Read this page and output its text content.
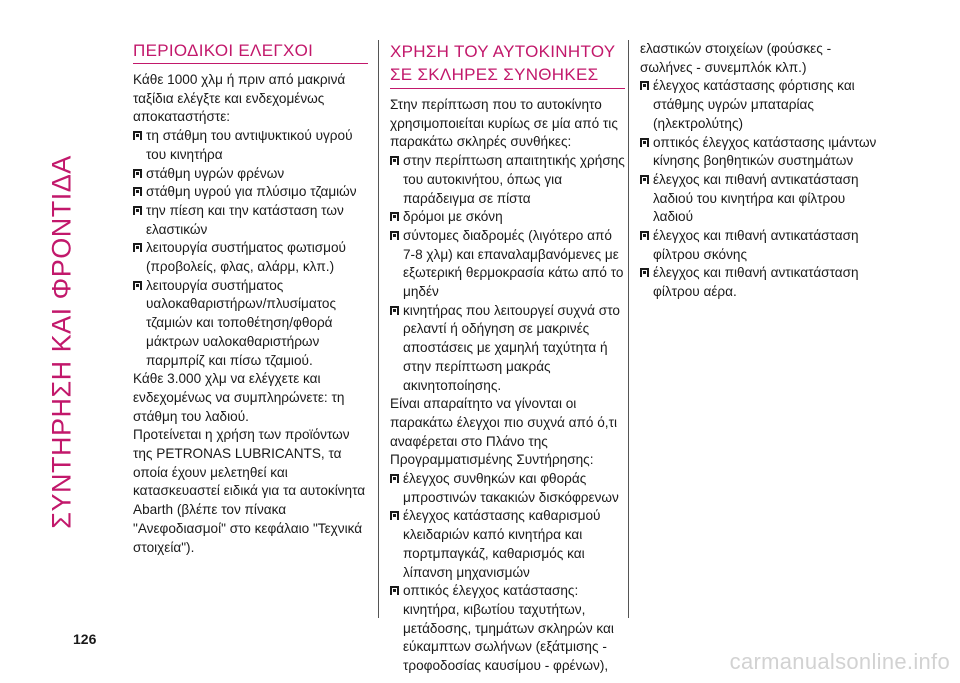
ΣΥΝΤΗΡΗΣΗ ΚΑΙ ΦΡΟΝΤΙΔΑ
ΠΕΡΙΟΔΙΚΟΙ ΕΛΕΓΧΟΙ

Κάθε 1000 χλμ ή πριν από μακρινά ταξίδια ελέγξτε και ενδεχομένως αποκαταστήστε:

τη στάθμη του αντιψυκτικού υγρού του κινητήρα

στάθμη υγρών φρένων

στάθμη υγρού για πλύσιμο τζαμιών

την πίεση και την κατάσταση των ελαστικών

λειτουργία συστήματος φωτισμού (προβολείς, φλας, αλάρμ, κλπ.)

λειτουργία συστήματος υαλοκαθαριστήρων/πλυσίματος τζαμιών και τοποθέτηση/φθορά μάκτρων υαλοκαθαριστήρων παρμπρίζ και πίσω τζαμιού.

Κάθε 3.000 χλμ να ελέγχετε και ενδεχομένως να συμπληρώνετε: τη στάθμη του λαδιού.

Προτείνεται η χρήση των προϊόντων της PETRONAS LUBRICANTS, τα οποία έχουν μελετηθεί και κατασκευαστεί ειδικά για τα αυτοκίνητα Abarth (βλέπε τον πίνακα "Ανεφοδιασμοί" στο κεφάλαιο "Τεχνικά στοιχεία").

ΧΡΗΣΗ ΤΟΥ ΑΥΤΟΚΙΝΗΤΟΥ
ΣΕ ΣΚΛΗΡΕΣ ΣΥΝΘΗΚΕΣ

Στην περίπτωση που το αυτοκίνητο χρησιμοποιείται κυρίως σε μία από τις παρακάτω σκληρές συνθήκες:

στην περίπτωση απαιτητικής χρήσης του αυτοκινήτου, όπως για παράδειγμα σε πίστα

δρόμοι με σκόνη

σύντομες διαδρομές (λιγότερο από 7-8 χλμ) και επαναλαμβανόμενες με εξωτερική θερμοκρασία κάτω από το μηδέν

κινητήρας που λειτουργεί συχνά στο ρελαντί ή οδήγηση σε μακρινές αποστάσεις με χαμηλή ταχύτητα ή στην περίπτωση μακράς ακινητοποίησης.

Είναι απαραίτητο να γίνονται οι παρακάτω έλεγχοι πιο συχνά από ό,τι αναφέρεται στο Πλάνο της Προγραμματισμένης Συντήρησης:

έλεγχος συνθηκών και φθοράς μπροστινών τακακιών δισκόφρενων

έλεγχος κατάστασης καθαρισμού κλειδαριών καπό κινητήρα και πορτμπαγκάζ, καθαρισμός και λίπανση μηχανισμών

οπτικός έλεγχος κατάστασης: κινητήρα, κιβωτίου ταχυτήτων, μετάδοσης, τμημάτων σκληρών και εύκαμπτων σωλήνων (εξάτμισης - τροφοδοσίας καυσίμου - φρένων),

ελαστικών στοιχείων (φούσκες - σωλήνες - συνεμπλόκ κλπ.)

έλεγχος κατάστασης φόρτισης και στάθμης υγρών μπαταρίας (ηλεκτρολύτης)

οπτικός έλεγχος κατάστασης ιμάντων κίνησης βοηθητικών συστημάτων

έλεγχος και πιθανή αντικατάσταση λαδιού του κινητήρα και φίλτρου λαδιού

έλεγχος και πιθανή αντικατάσταση φίλτρου σκόνης

έλεγχος και πιθανή αντικατάσταση φίλτρου αέρα.

126
carmanualsonline.info
